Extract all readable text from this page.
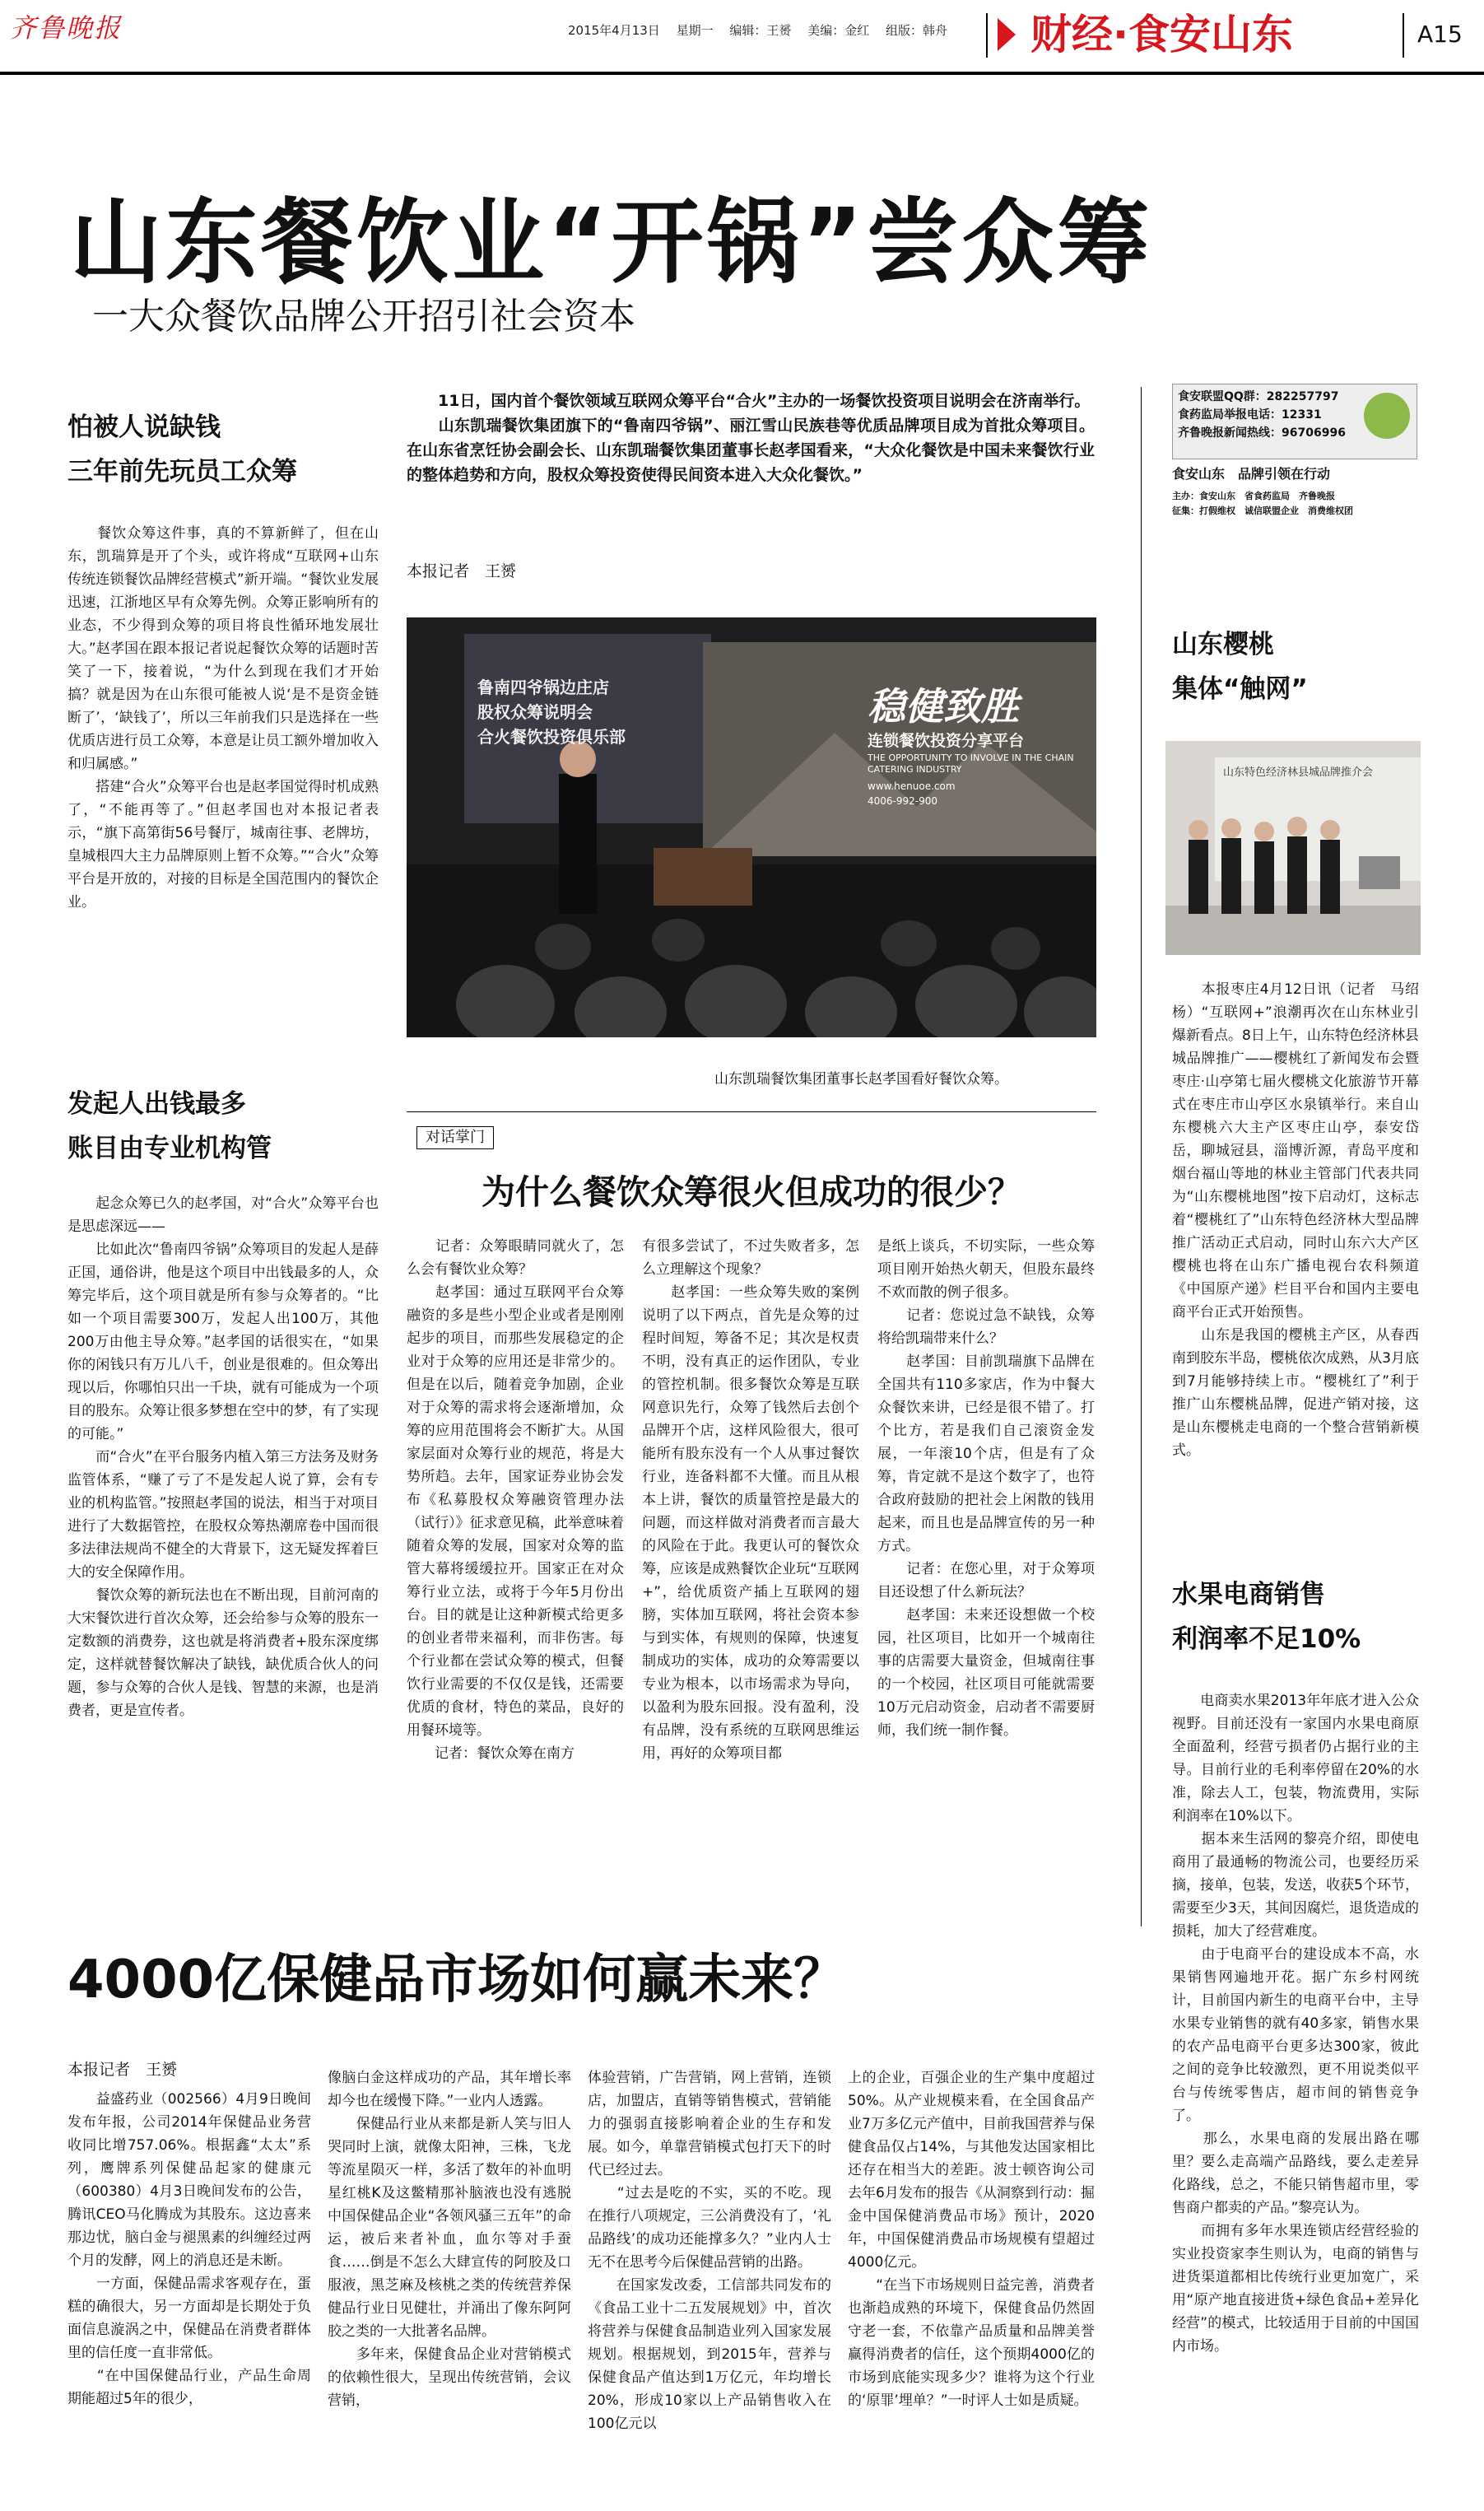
齐鲁晚报	2015年4月13日　 星期一　 编辑：王赟　 美编：金红　 组版：韩舟 财经·食安山东	A15
山东餐饮业“开锅”尝众筹
一大众餐饮品牌公开招引社会资本
怕被人说缺钱
三年前先玩员工众筹
　　餐饮众筹这件事，真的不算新鲜了，但在山东，凯瑞算是开了个头，或许将成“互联网+山东传统连锁餐饮品牌经营模式”新开端。“餐饮业发展迅速，江浙地区早有众筹先例。众筹正影响所有的业态，不少得到众筹的项目将良性循环地发展壮大。”赵孝国在跟本报记者说起餐饮众筹的话题时苦笑了一下，接着说，“为什么到现在我们才开始搞？就是因为在山东很可能被人说‘是不是资金链断了’，‘缺钱了’，所以三年前我们只是选择在一些优质店进行员工众筹，本意是让员工额外增加收入和归属感。”
　　搭建“合火”众筹平台也是赵孝国觉得时机成熟了，“不能再等了。”但赵孝国也对本报记者表示，“旗下高第街56号餐厅，城南往事、老牌坊，皇城根四大主力品牌原则上暂不众筹。”“合火”众筹平台是开放的，对接的目标是全国范围内的餐饮企业。
发起人出钱最多
账目由专业机构管
　　起念众筹已久的赵孝国，对“合火”众筹平台也是思虑深远——
　　比如此次“鲁南四爷锅”众筹项目的发起人是薛正国，通俗讲，他是这个项目中出钱最多的人，众筹完毕后，这个项目就是所有参与众筹者的。“比如一个项目需要300万，发起人出100万，其他200万由他主导众筹。”赵孝国的话很实在，“如果你的闲钱只有万儿八千，创业是很难的。但众筹出现以后，你哪怕只出一千块，就有可能成为一个项目的股东。众筹让很多梦想在空中的梦，有了实现的可能。”
　　而“合火”在平台服务内植入第三方法务及财务监管体系，“赚了亏了不是发起人说了算，会有专业的机构监管。”按照赵孝国的说法，相当于对项目进行了大数据管控，在股权众筹热潮席卷中国而很多法律法规尚不健全的大背景下，这无疑发挥着巨大的安全保障作用。
　　餐饮众筹的新玩法也在不断出现，目前河南的大宋餐饮进行首次众筹，还会给参与众筹的股东一定数额的消费券，这也就是将消费者+股东深度绑定，这样就替餐饮解决了缺钱，缺优质合伙人的问题，参与众筹的合伙人是钱、智慧的来源，也是消费者，更是宣传者。
　　11日，国内首个餐饮领域互联网众筹平台“合火”主办的一场餐饮投资项目说明会在济南举行。
　　山东凯瑞餐饮集团旗下的“鲁南四爷锅”、丽江雪山民族巷等优质品牌项目成为首批众筹项目。在山东省烹饪协会副会长、山东凯瑞餐饮集团董事长赵孝国看来，“大众化餐饮是中国未来餐饮行业的整体趋势和方向，股权众筹投资使得民间资本进入大众化餐饮。”
本报记者　王赟
鲁南四爷锅边庄店
股权众筹说明会
合火餐饮投资俱乐部
稳健致胜
连锁餐饮投资分享平台
THE OPPORTUNITY TO INVOLVE IN THE CHAIN CATERING INDUSTRY
www.henuoe.com
4006-992-900
山东凯瑞餐饮集团董事长赵孝国看好餐饮众筹。
对话掌门
为什么餐饮众筹很火但成功的很少？
　　记者：众筹眼睛同就火了，怎么会有餐饮业众筹？
　　赵孝国：通过互联网平台众筹融资的多是些小型企业或者是刚刚起步的项目，而那些发展稳定的企业对于众筹的应用还是非常少的。但是在以后，随着竞争加剧，企业对于众筹的需求将会逐渐增加，众筹的应用范围将会不断扩大。从国家层面对众筹行业的规范，将是大势所趋。去年，国家证券业协会发布《私募股权众筹融资管理办法（试行）》征求意见稿，此举意味着随着众筹的发展，国家对众筹的监管大幕将缓缓拉开。国家正在对众筹行业立法，或将于今年5月份出台。目的就是让这种新模式给更多的创业者带来福利，而非伤害。每个行业都在尝试众筹的模式，但餐饮行业需要的不仅仅是钱，还需要优质的食材，特色的菜品，良好的用餐环境等。
　　记者：餐饮众筹在南方
有很多尝试了，不过失败者多，怎么立理解这个现象？
　　赵孝国：一些众筹失败的案例说明了以下两点，首先是众筹的过程时间短，筹备不足；其次是权责不明，没有真正的运作团队，专业的管控机制。很多餐饮众筹是互联网意识先行，众筹了钱然后去创个品牌开个店，这样风险很大，很可能所有股东没有一个人从事过餐饮行业，连备料都不大懂。而且从根本上讲，餐饮的质量管控是最大的问题，而这样做对消费者而言最大的风险在于此。我更认可的餐饮众筹，应该是成熟餐饮企业玩“互联网+”，给优质资产插上互联网的翅膀，实体加互联网，将社会资本参与到实体，有规则的保障，快速复制成功的实体，成功的众筹需要以专业为根本，以市场需求为导向，以盈利为股东回报。没有盈利，没有品牌，没有系统的互联网思维运用，再好的众筹项目都
是纸上谈兵，不切实际，一些众筹项目刚开始热火朝天，但股东最终不欢而散的例子很多。
　　记者：您说过急不缺钱，众筹将给凯瑞带来什么？
　　赵孝国：目前凯瑞旗下品牌在全国共有110多家店，作为中餐大众餐饮来讲，已经是很不错了。打个比方，若是我们自己滚资金发展，一年滚10个店，但是有了众筹，肯定就不是这个数字了，也符合政府鼓励的把社会上闲散的钱用起来，而且也是品牌宣传的另一种方式。
　　记者：在您心里，对于众筹项目还设想了什么新玩法？
　　赵孝国：未来还设想做一个校园，社区项目，比如开一个城南往事的店需要大量资金，但城南往事的一个校园，社区项目可能就需要10万元启动资金，启动者不需要厨师，我们统一制作餐。
食安联盟QQ群：282257797
食药监局举报电话：12331
齐鲁晚报新闻热线：96706996
食安山东　品牌引领在行动
主办：食安山东　省食药监局　齐鲁晚报
征集：打假维权　诚信联盟企业　消费维权团
山东樱桃
集体“触网”
山东特色经济林县城品牌推介会
　　本报枣庄4月12日讯（记者　马绍杨）“互联网+”浪潮再次在山东林业引爆新看点。8日上午，山东特色经济林县城品牌推广——樱桃红了新闻发布会暨枣庄·山亭第七届火樱桃文化旅游节开幕式在枣庄市山亭区水泉镇举行。来自山东樱桃六大主产区枣庄山亭，泰安岱岳，聊城冠县，淄博沂源，青岛平度和烟台福山等地的林业主管部门代表共同为“山东樱桃地图”按下启动灯，这标志着“樱桃红了”山东特色经济林大型品牌推广活动正式启动，同时山东六大产区樱桃也将在山东广播电视台农科频道《中国原产递》栏目平台和国内主要电商平台正式开始预售。
　　山东是我国的樱桃主产区，从春西南到胶东半岛，樱桃依次成熟，从3月底到7月能够持续上市。“樱桃红了”利于推广山东樱桃品牌，促进产销对接，这是山东樱桃走电商的一个整合营销新模式。
水果电商销售
利润率不足10%
　　电商卖水果2013年年底才进入公众视野。目前还没有一家国内水果电商原全面盈利，经营亏损者仍占据行业的主导。目前行业的毛利率停留在20%的水准，除去人工，包装，物流费用，实际利润率在10%以下。
　　据本来生活网的黎亮介绍，即使电商用了最通畅的物流公司，也要经历采摘，接单，包装，发送，收获5个环节，需要至少3天，其间因腐烂，退货造成的损耗，加大了经营难度。
　　由于电商平台的建设成本不高，水果销售网遍地开花。据广东乡村网统计，目前国内新生的电商平台中，主导水果专业销售的就有40多家，销售水果的农产品电商平台更多达300家，彼此之间的竞争比较激烈，更不用说类似平台与传统零售店，超市间的销售竞争了。
　　那么，水果电商的发展出路在哪里？要么走高端产品路线，要么走差异化路线，总之，不能只销售超市里，零售商户都卖的产品。”黎亮认为。
　　而拥有多年水果连锁店经营经验的实业投资家李生则认为，电商的销售与进货渠道都相比传统行业更加宽广，采用“原产地直接进货+绿色食品+差异化经营”的模式，比较适用于目前的中国国内市场。
4000亿保健品市场如何赢未来？
本报记者　王赟
　　益盛药业（002566）4月9日晚间发布年报，公司2014年保健品业务营收同比增757.06%。根据鑫“太太”系列，鹰牌系列保健品起家的健康元（600380）4月3日晚间发布的公告，腾讯CEO马化腾成为其股东。这边喜来那边忧，脑白金与褪黑素的纠缠经过两个月的发酵，网上的消息还是未断。
　　一方面，保健品需求客观存在，蛋糕的确很大，另一方面却是长期处于负面信息漩涡之中，保健品在消费者群体里的信任度一直非常低。
　　“在中国保健品行业，产品生命周期能超过5年的很少，
像脑白金这样成功的产品，其年增长率却今也在缓慢下降。”一业内人透露。
　　保健品行业从来都是新人笑与旧人哭同时上演，就像太阳神，三株，飞龙等流星陨灭一样，多活了数年的补血明星红桃K及这鳖精那补脑液也没有逃脱中国保健品企业“各领风骚三五年”的命运，被后来者补血，血尔等对手蚕食……倒是不怎么大肆宣传的阿胶及口服液，黑芝麻及核桃之类的传统营养保健品行业日见健壮，并涌出了像东阿阿胶之类的一大批著名品牌。
　　多年来，保健食品企业对营销模式的依赖性很大，呈现出传统营销，会议营销，
体验营销，广告营销，网上营销，连锁店，加盟店，直销等销售模式，营销能力的强弱直接影响着企业的生存和发展。如今，单靠营销模式包打天下的时代已经过去。
　　“过去是吃的不实，买的不吃。现在推行八项规定，三公消费没有了，‘礼品路线’的成功还能撑多久？”业内人士无不在思考今后保健品营销的出路。
　　在国家发改委，工信部共同发布的《食品工业十二五发展规划》中，首次将营养与保健食品制造业列入国家发展规划。根据规划，到2015年，营养与保健食品产值达到1万亿元，年均增长20%，形成10家以上产品销售收入在100亿元以
上的企业，百强企业的生产集中度超过50%。从产业规模来看，在全国食品产业7万多亿元产值中，目前我国营养与保健食品仅占14%，与其他发达国家相比还存在相当大的差距。波士顿咨询公司去年6月发布的报告《从洞察到行动：掘金中国保健消费品市场》预计，2020年，中国保健消费品市场规模有望超过4000亿元。
　　“在当下市场规则日益完善，消费者也渐趋成熟的环境下，保健食品仍然固守老一套，不依靠产品质量和品牌美誉赢得消费者的信任，这个预期4000亿的市场到底能实现多少？谁将为这个行业的‘原罪’埋单？”一时评人士如是质疑。
